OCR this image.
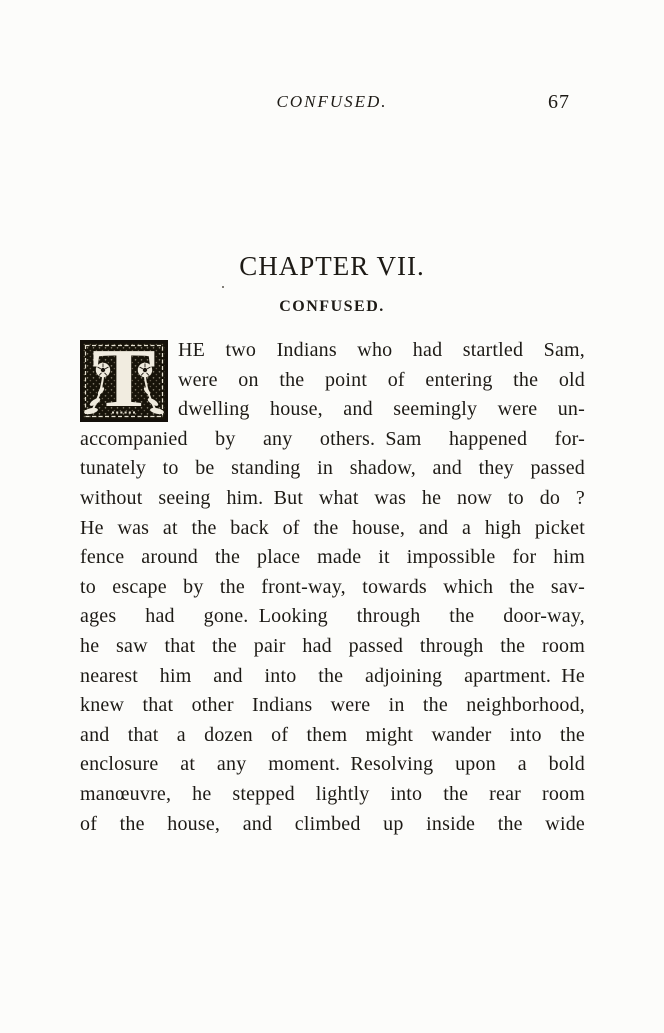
CONFUSED.	67
CHAPTER VII.
CONFUSED.
T	HE two Indians who had startled Sam,
were on the point of entering the old
dwelling house, and seemingly were un-
accompanied by any others. Sam happened for-
tunately to be standing in shadow, and they passed
without seeing him. But what was he now to do ?
He was at the back of the house, and a high picket
fence around the place made it impossible for him
to escape by the front-way, towards which the sav-
ages had gone. Looking through the door-way,
he saw that the pair had passed through the room
nearest him and into the adjoining apartment. He
knew that other Indians were in the neighborhood,
and that a dozen of them might wander into the
enclosure at any moment. Resolving upon a bold
manœuvre, he stepped lightly into the rear room
of the house, and climbed up inside the wide
